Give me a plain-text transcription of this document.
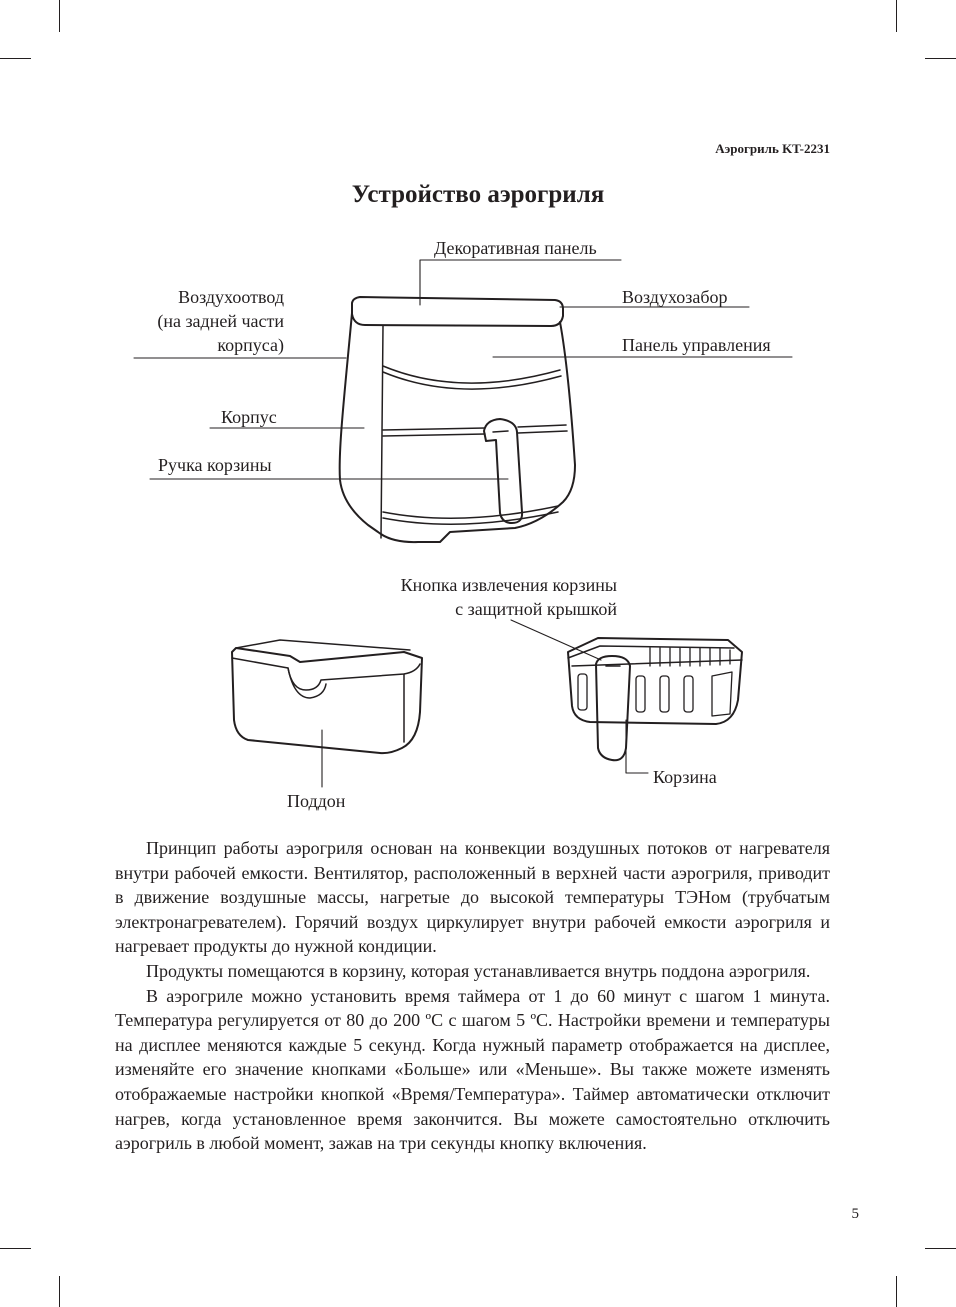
Аэрогриль KT-2231
Устройство аэрогриля
Декоративная панель
Воздухоотвод
(на задней части
корпуса)
Воздухозабор
Панель управления
Корпус
Ручка корзины
Кнопка извлечения корзины
с защитной крышкой
Поддон
Корзина

Принцип работы аэрогриля основан на конвекции воздушных потоков от нагревателя внутри рабочей емкости. Вентилятор, расположенный в верхней части аэрогриля, приводит в движение воздушные массы, нагретые до высокой температуры ТЭНом (трубчатым электронагревателем). Горячий воздух циркулирует внутри рабочей емкости аэрогриля и нагревает продукты до нужной кондиции.

Продукты помещаются в корзину, которая устанавливается внутрь поддона аэрогриля.

В аэрогриле можно установить время таймера от 1 до 60 минут с шагом 1 минута. Температура регулируется от 80 до 200 ºС с шагом 5 ºС. Настройки времени и температуры на дисплее меняются каждые 5 секунд. Когда нужный параметр отображается на дисплее, изменяйте его значение кнопками «Больше» или «Меньше». Вы также можете изменять отображаемые настройки кнопкой «Время/Температура». Таймер автоматически отключит нагрев, когда установленное время закончится. Вы можете самостоятельно отключить аэрогриль в любой момент, зажав на три секунды кнопку включения.

5
